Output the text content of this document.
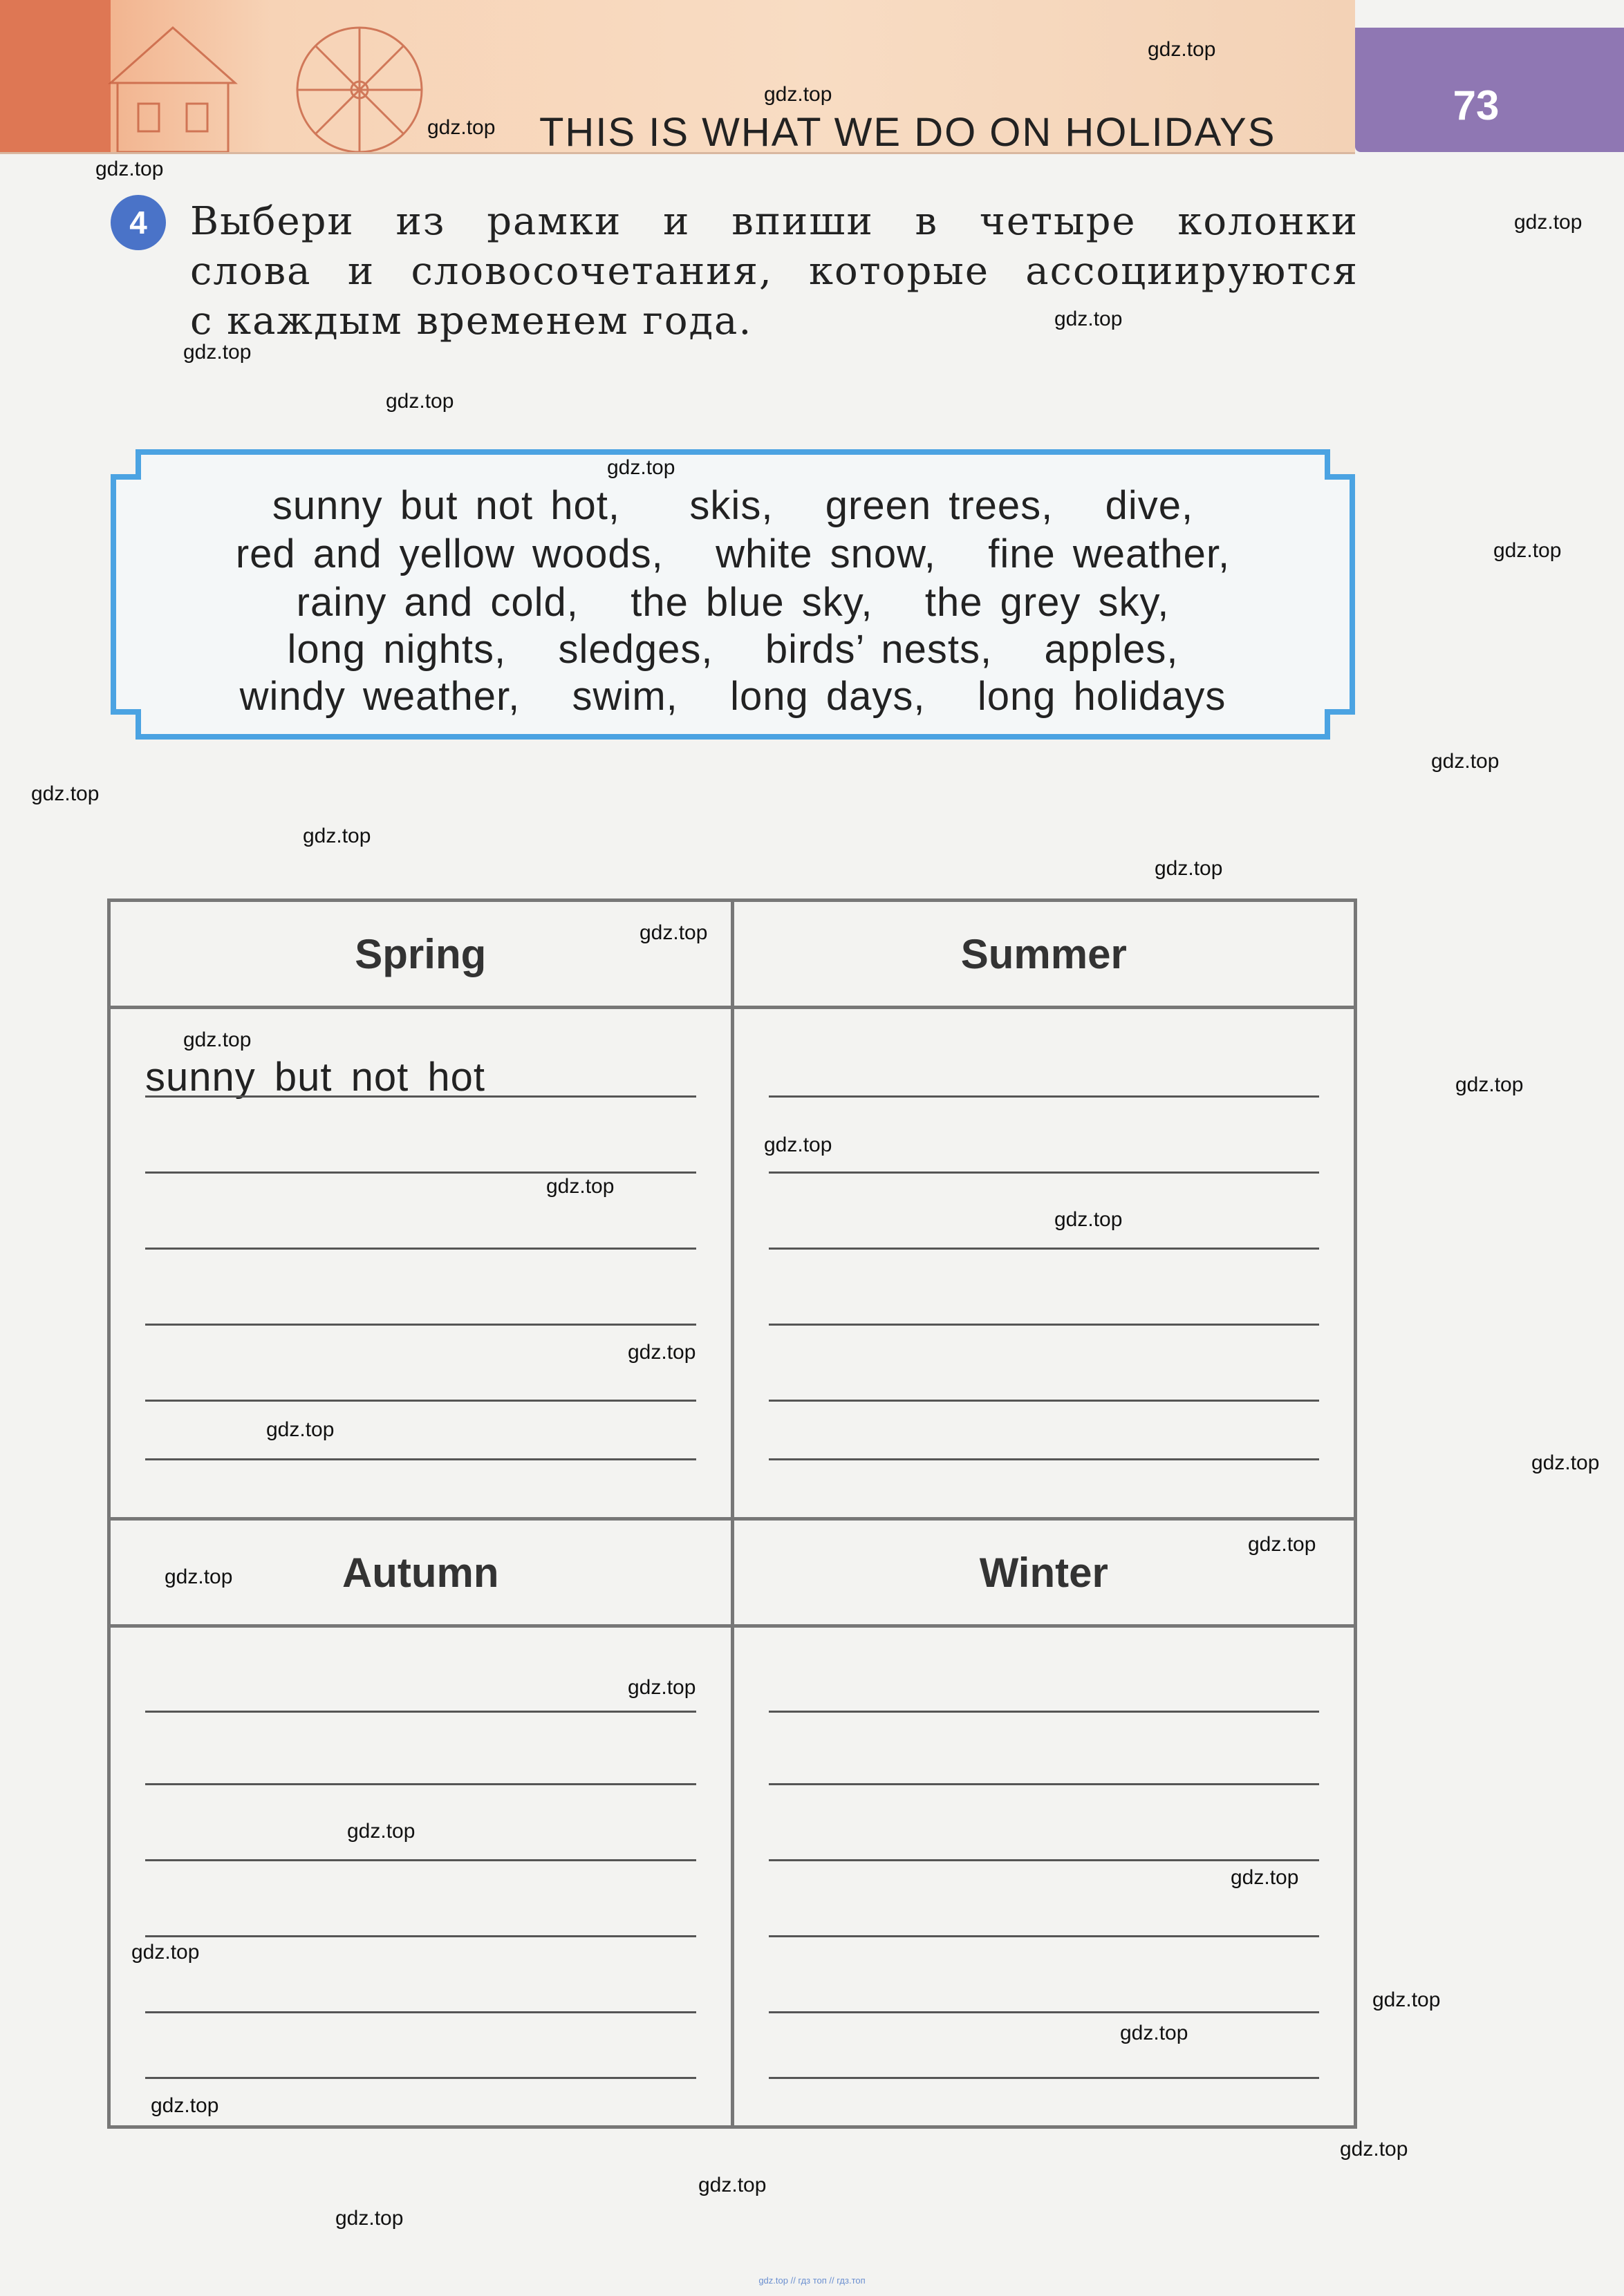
73
THIS IS WHAT WE DO ON HOLIDAYS
4	Выбери из рамки и впиши в четыре колонки
слова и словосочетания, которые ассоциируются
с каждым временем года.
sunny but not hot,    skis,   green trees,   dive,
red and yellow woods,   white snow,   fine weather,
rainy and cold,   the blue sky,   the grey sky,
long nights,   sledges,   birds’ nests,   apples,
windy weather,   swim,   long days,   long holidays
Spring	Summer

sunny but not hot	

Autumn	Winter

gdz.top
gdz.top
gdz.top
gdz.top
gdz.top
gdz.top
gdz.top
gdz.top
gdz.top
gdz.top
gdz.top
gdz.top
gdz.top
gdz.top
gdz.top
gdz.top
gdz.top
gdz.top
gdz.top
gdz.top
gdz.top
gdz.top
gdz.top
gdz.top
gdz.top
gdz.top
gdz.top
gdz.top
gdz.top
gdz.top
gdz.top
gdz.top
gdz.top
gdz.top
gdz.top
gdz.top // гдз топ // гдз.топ
